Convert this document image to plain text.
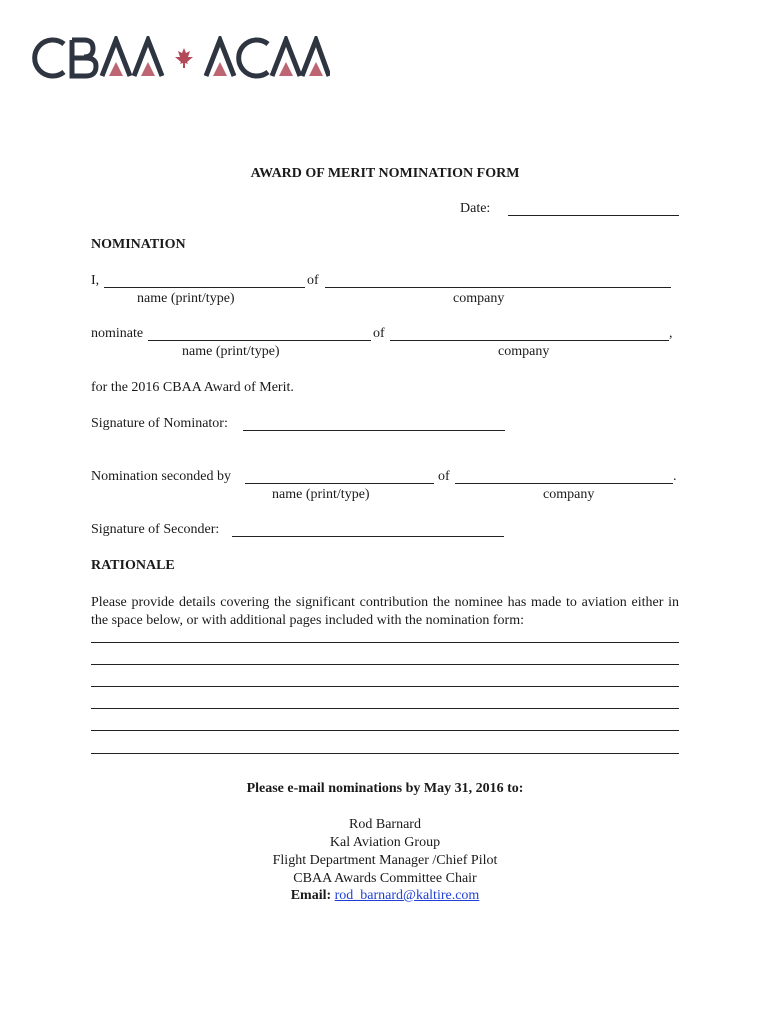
AWARD OF MERIT NOMINATION FORM
Date:
NOMINATION
I,	of
name (print/type)	company
nominate	of	,
name (print/type)	company
for the 2016 CBAA Award of Merit.
Signature of Nominator:
Nomination seconded by	of	.
name (print/type)	company
Signature of Seconder:
RATIONALE
Please provide details covering the significant contribution the nominee has made to aviation either in the space below, or with additional pages included with the nomination form:
Please e-mail nominations by May 31, 2016 to:
Rod Barnard
Kal Aviation Group
Flight Department Manager /Chief Pilot
CBAA Awards Committee Chair
Email: rod_barnard@kaltire.com
